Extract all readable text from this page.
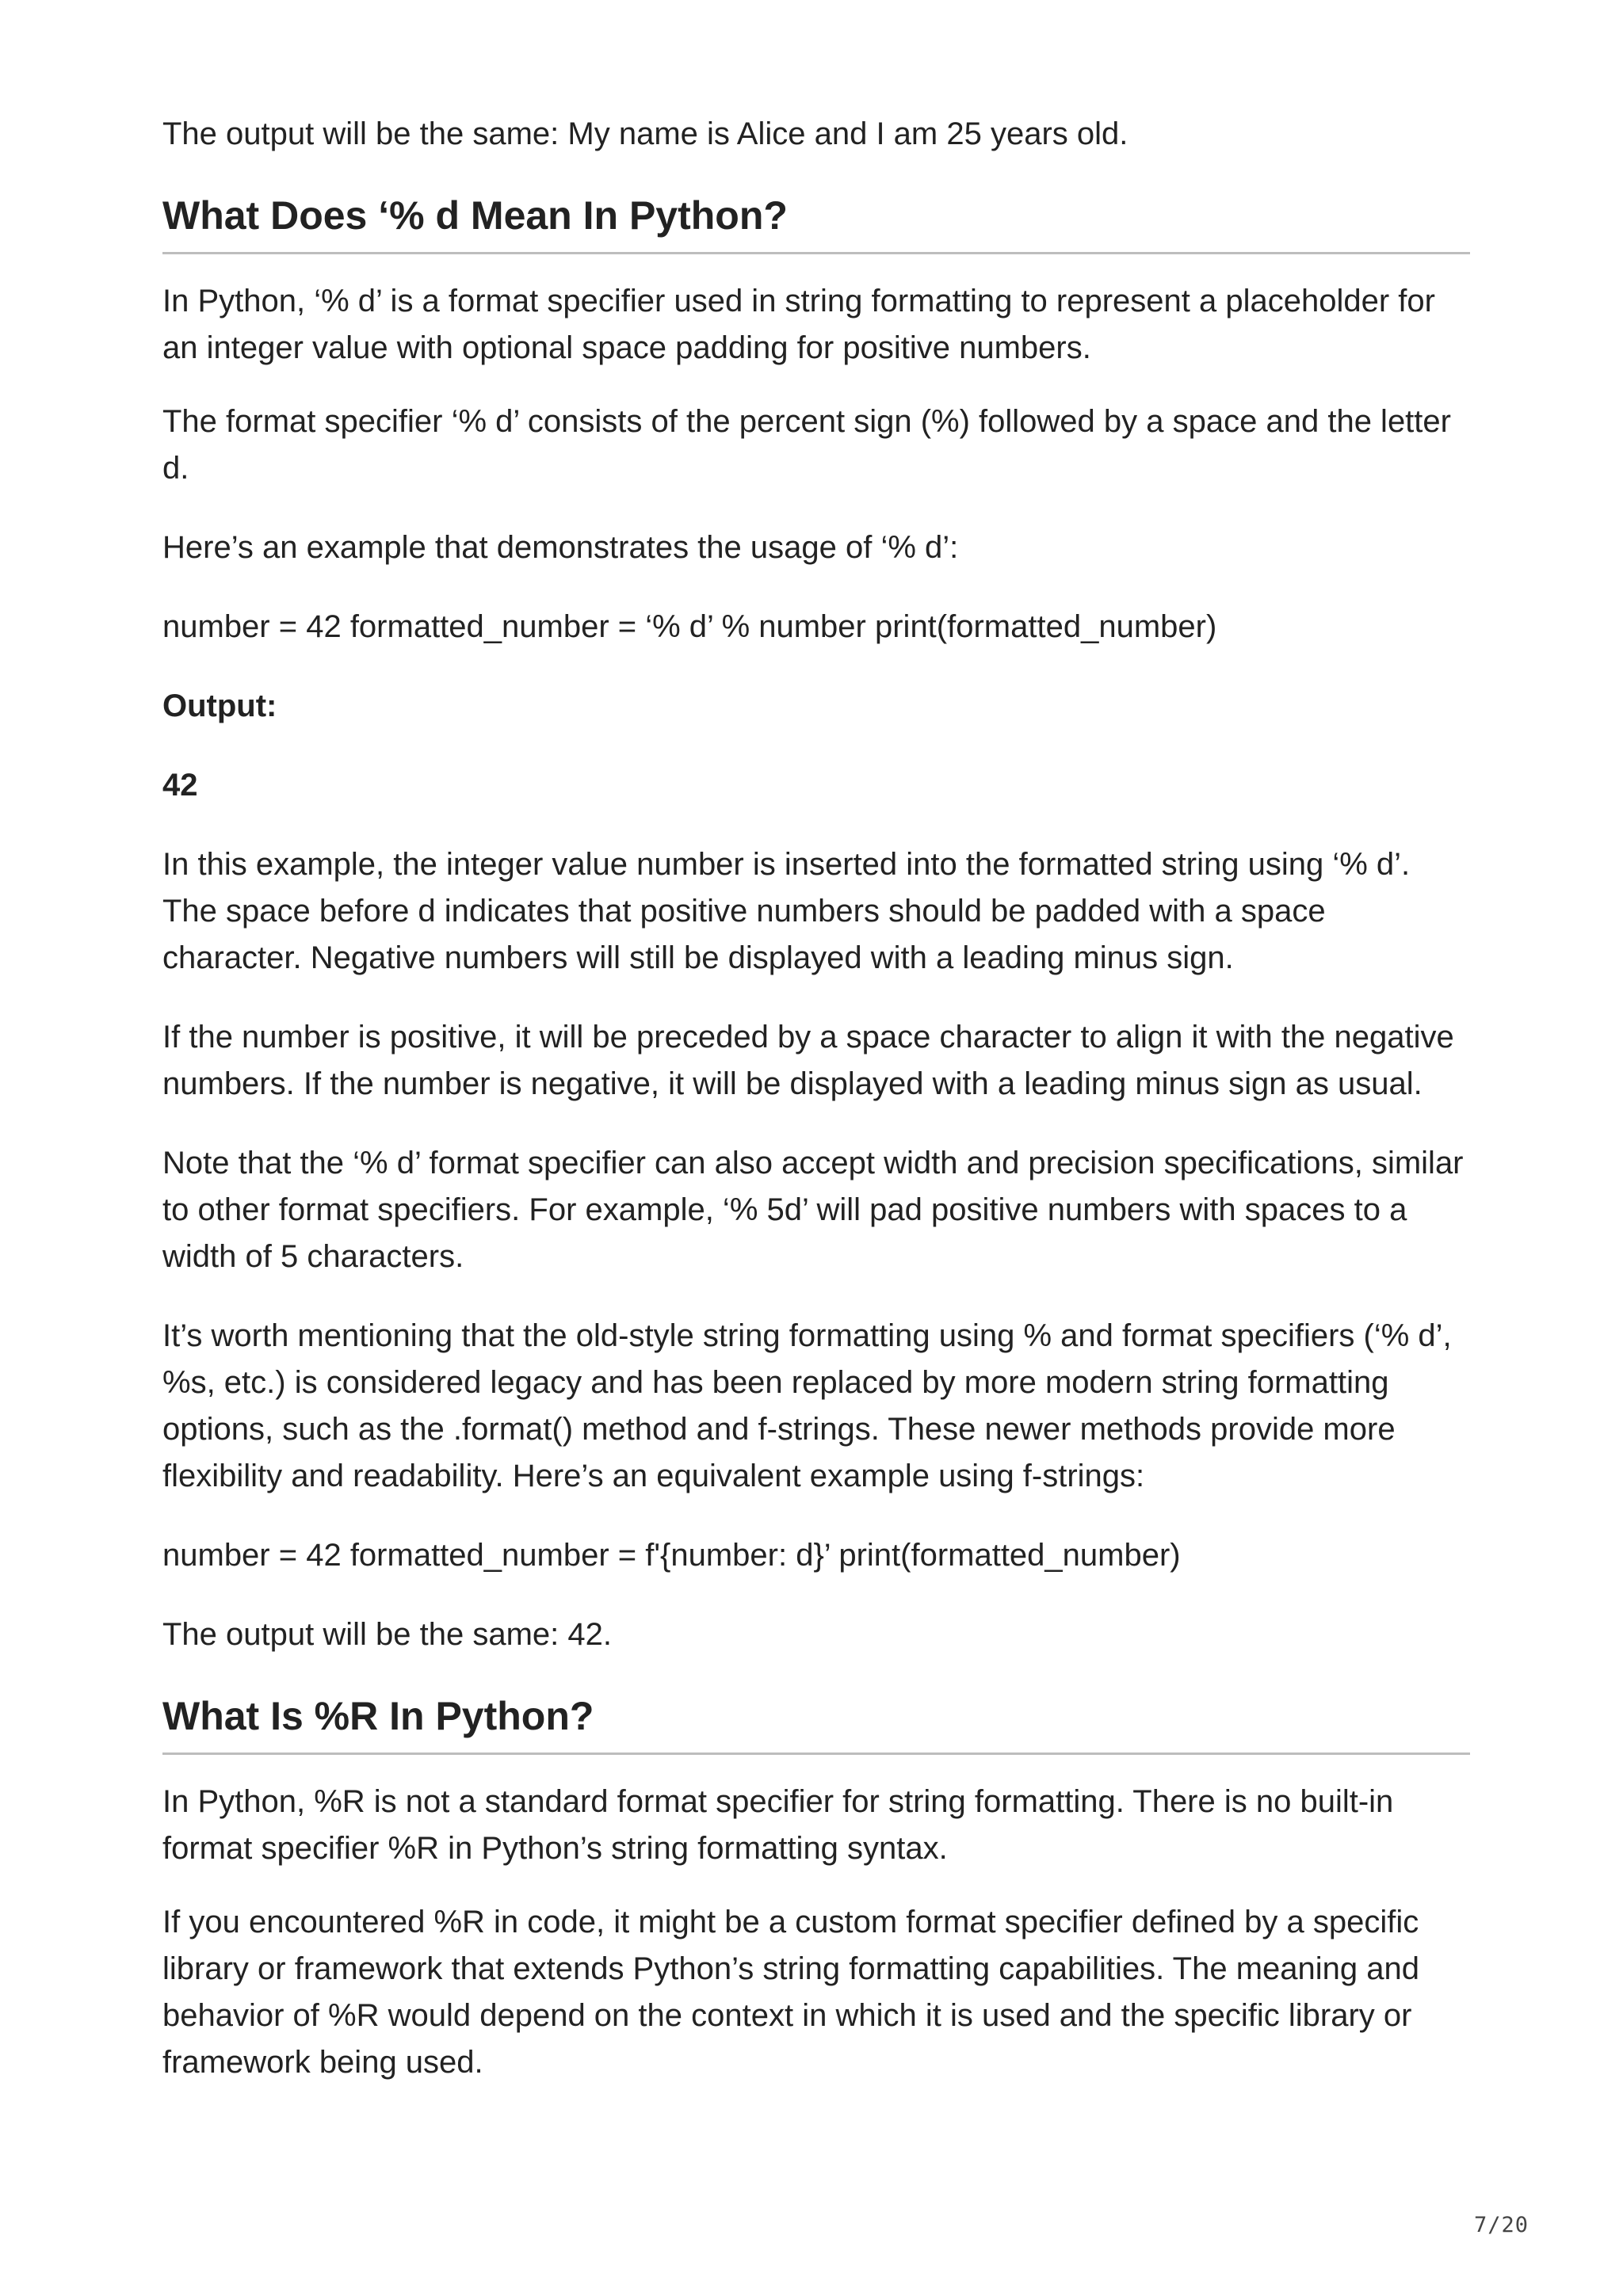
The output will be the same: My name is Alice and I am 25 years old.

What Does ‘% d Mean In Python?

In Python, ‘% d’ is a format specifier used in string formatting to represent a placeholder for an integer value with optional space padding for positive numbers.

The format specifier ‘% d’ consists of the percent sign (%) followed by a space and the letter d.

Here’s an example that demonstrates the usage of ‘% d’:

number = 42 formatted_number = ‘% d’ % number print(formatted_number)

Output:

42

In this example, the integer value number is inserted into the formatted string using ‘% d’. The space before d indicates that positive numbers should be padded with a space character. Negative numbers will still be displayed with a leading minus sign.

If the number is positive, it will be preceded by a space character to align it with the negative numbers. If the number is negative, it will be displayed with a leading minus sign as usual.

Note that the ‘% d’ format specifier can also accept width and precision specifications, similar to other format specifiers. For example, ‘% 5d’ will pad positive numbers with spaces to a width of 5 characters.

It’s worth mentioning that the old-style string formatting using % and format specifiers (‘% d’, %s, etc.) is considered legacy and has been replaced by more modern string formatting options, such as the .format() method and f-strings. These newer methods provide more flexibility and readability. Here’s an equivalent example using f-strings:

number = 42 formatted_number = f'{number: d}’ print(formatted_number)

The output will be the same: 42.

What Is %R In Python?

In Python, %R is not a standard format specifier for string formatting. There is no built-in format specifier %R in Python’s string formatting syntax.

If you encountered %R in code, it might be a custom format specifier defined by a specific library or framework that extends Python’s string formatting capabilities. The meaning and behavior of %R would depend on the context in which it is used and the specific library or framework being used.

7/20
